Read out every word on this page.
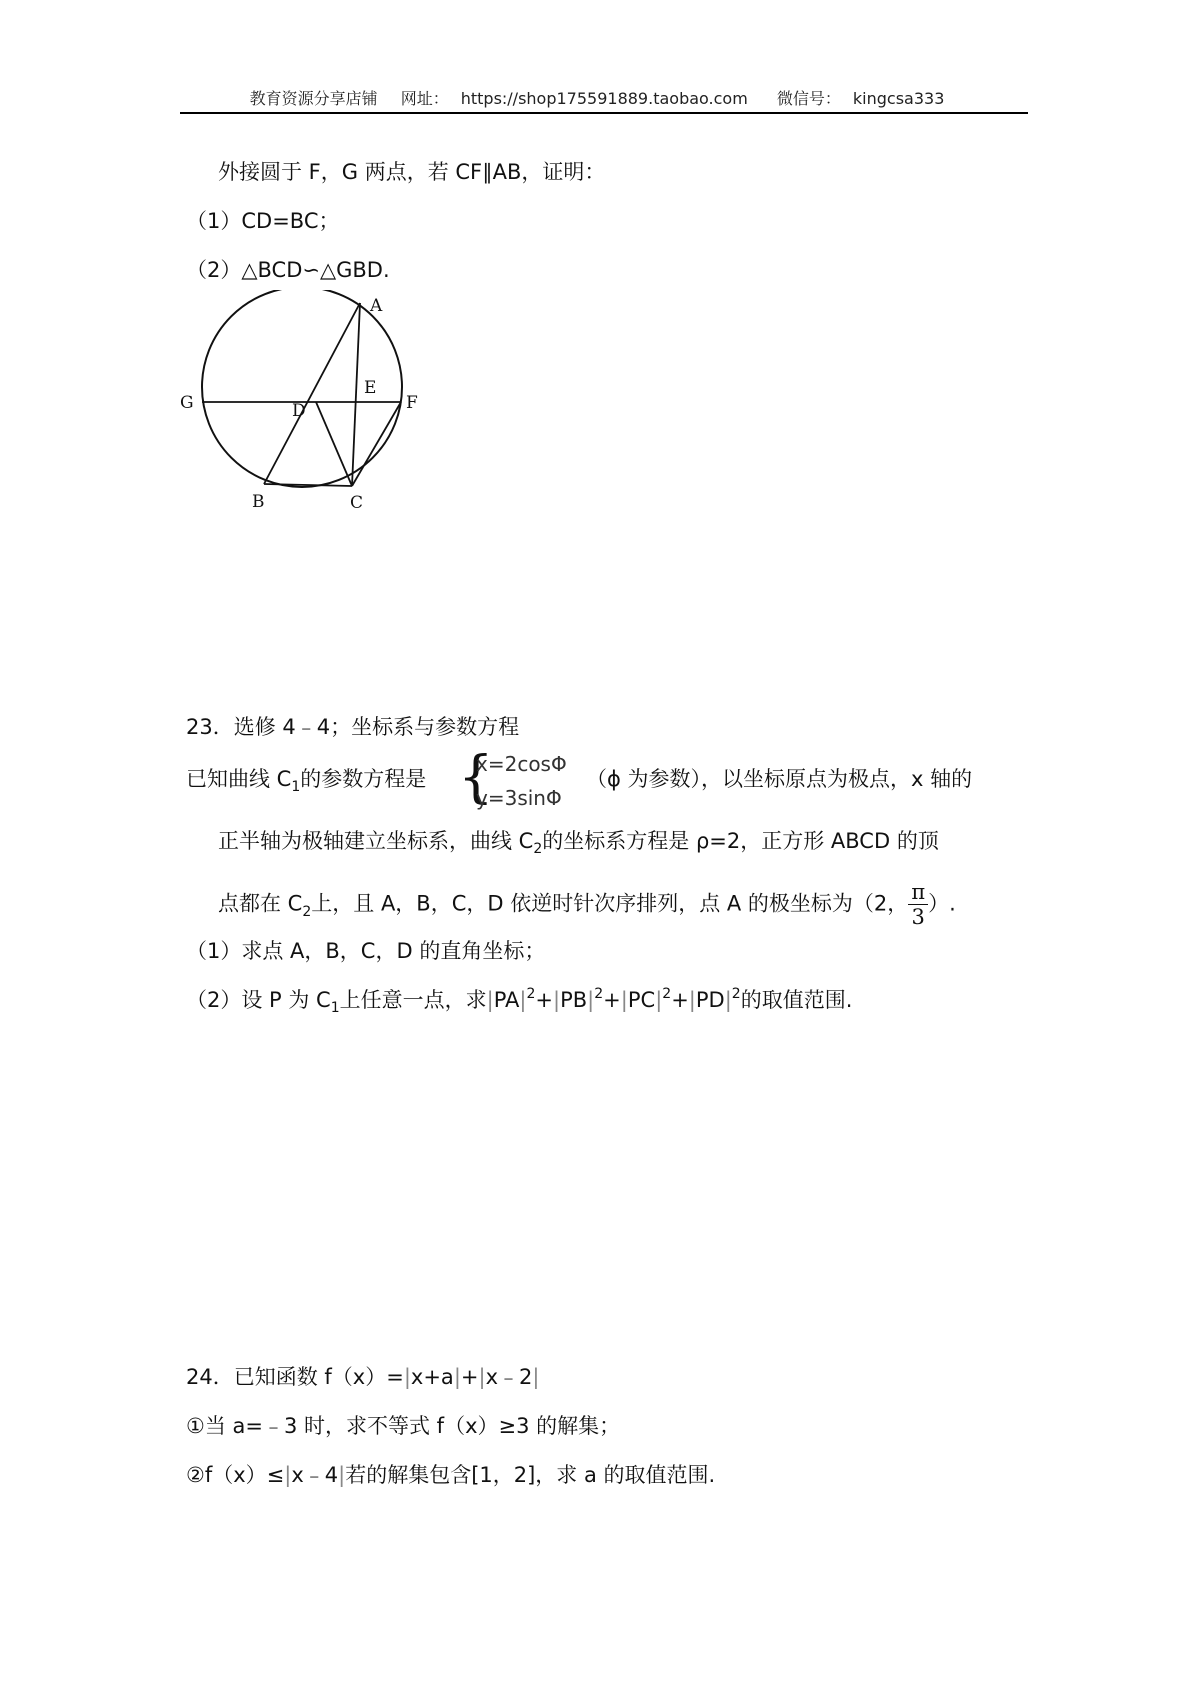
教育资源分享店铺 网址： https://shop175591889.taobao.com 微信号： kingcsa333
外接圆于 F，G 两点，若 CF∥AB，证明：
（1）CD=BC；
（2）△BCD∽△GBD.
A
E
G	D	F
B	C
23．选修 4﹣4；坐标系与参数方程
已知曲线 $C_1$的参数方程是 {
x=2cosΦ
y=3sinΦ
（ϕ 为参数），以坐标原点为极点，x 轴的
正半轴为极轴建立坐标系，曲线 $C_2$的坐标系方程是 ρ=2，正方形 ABCD 的顶
点都在 $C_2$上，且 A，B，C，D 依逆时针次序排列，点 A 的极坐标为（2， $\frac{\pi}{3}$ ）.
（1）求点 A，B，C，D 的直角坐标；
（2）设 P 为 $C_1$上任意一点，求$|PA|^2+|PB|^2+|PC|^2+|PD|^2$的取值范围.
24．已知函数 f（x）=|x+a|+|x﹣2|
①当 a=﹣3 时，求不等式 f（x）≥3 的解集；
②f（x）≤|x﹣4|若的解集包含[1，2]，求 a 的取值范围.
